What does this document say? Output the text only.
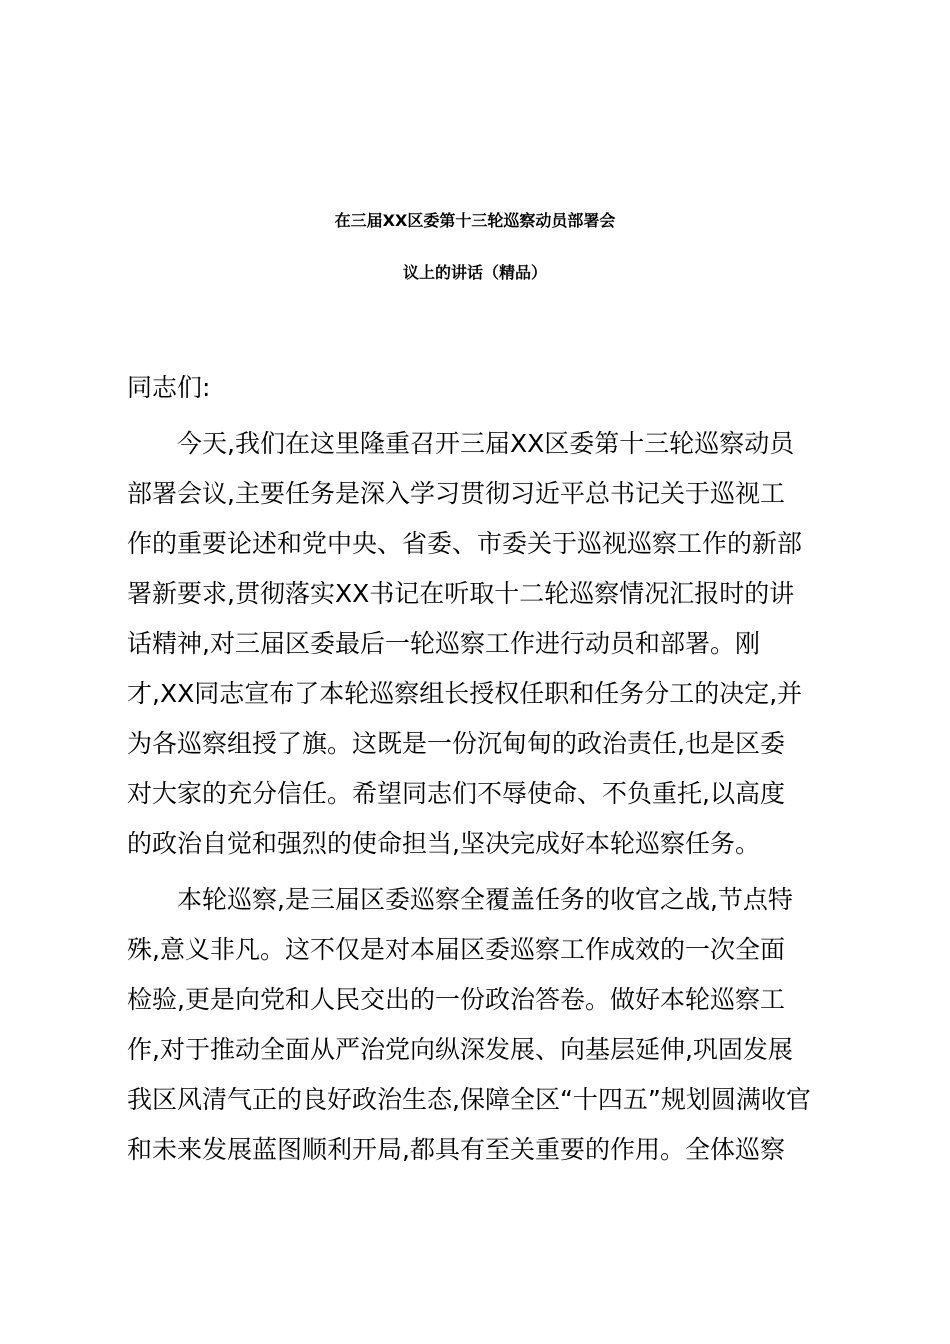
在三届XX区委第十三轮巡察动员部署会
议上的讲话（精品）
同志们:
今天,我们在这里隆重召开三届XX区委第十三轮巡察动员
部署会议,主要任务是深入学习贯彻习近平总书记关于巡视工
作的重要论述和党中央、省委、市委关于巡视巡察工作的新部
署新要求,贯彻落实XX书记在听取十二轮巡察情况汇报时的讲
话精神,对三届区委最后一轮巡察工作进行动员和部署。刚
才,XX同志宣布了本轮巡察组长授权任职和任务分工的决定,并
为各巡察组授了旗。这既是一份沉甸甸的政治责任,也是区委
对大家的充分信任。希望同志们不辱使命、不负重托,以高度
的政治自觉和强烈的使命担当,坚决完成好本轮巡察任务。
本轮巡察,是三届区委巡察全覆盖任务的收官之战,节点特
殊,意义非凡。这不仅是对本届区委巡察工作成效的一次全面
检验,更是向党和人民交出的一份政治答卷。做好本轮巡察工
作,对于推动全面从严治党向纵深发展、向基层延伸,巩固发展
我区风清气正的良好政治生态,保障全区“十四五”规划圆满收官
和未来发展蓝图顺利开局,都具有至关重要的作用。全体巡察
